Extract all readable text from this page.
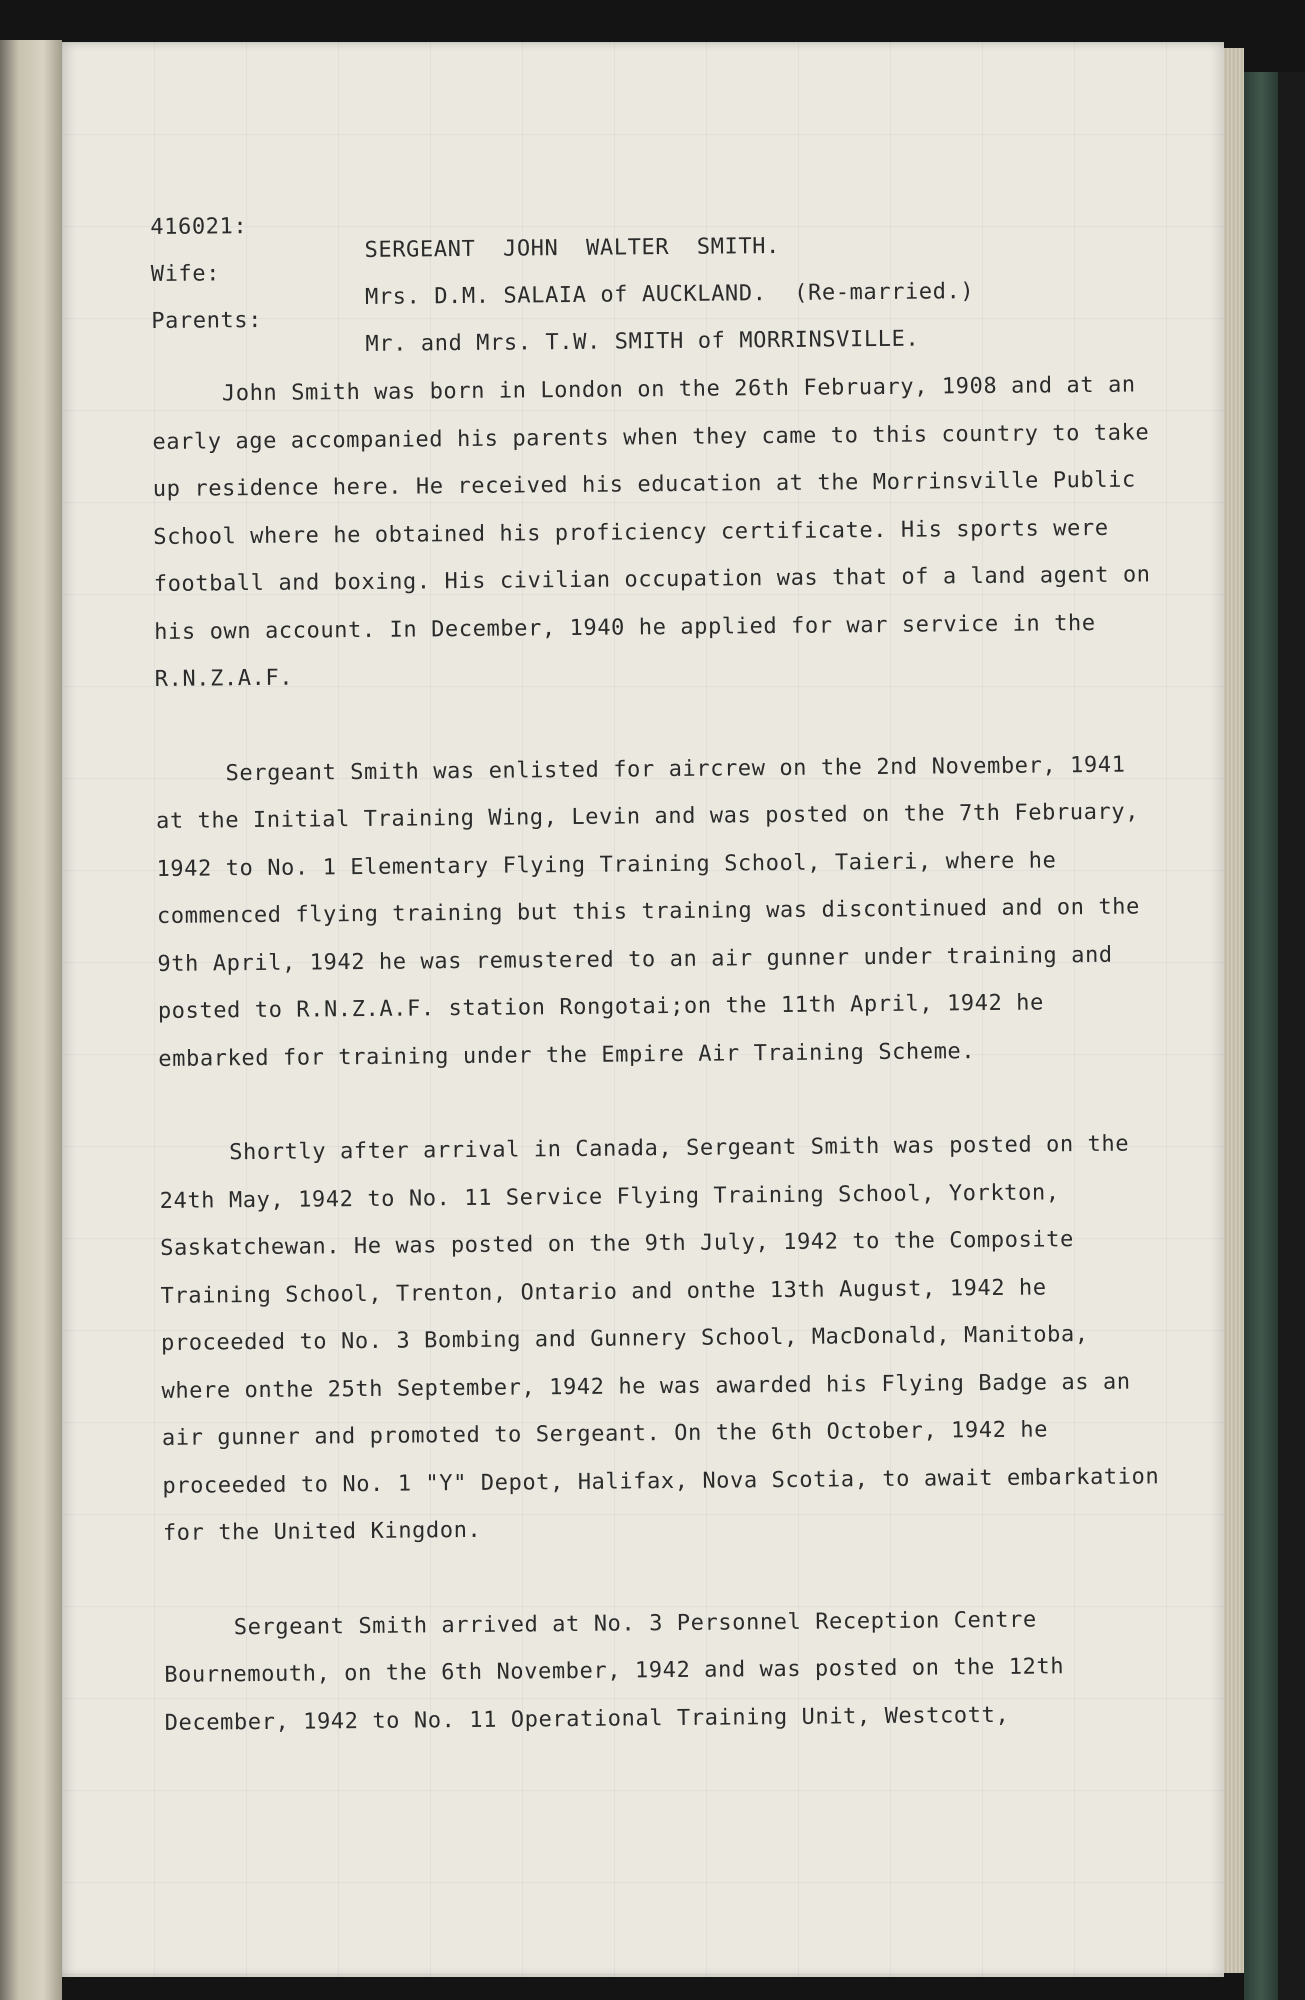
416021:

SERGEANT  JOHN  WALTER  SMITH.

Wife:

Mrs. D.M. SALAIA of AUCKLAND.  (Re-married.)

Parents:

Mr. and Mrs. T.W. SMITH of MORRINSVILLE.

John Smith was born in London on the 26th February, 1908 and at an early age accompanied his parents when they came to this country to take up residence here. He received his education at the Morrinsville Public School where he obtained his proficiency certificate. His sports were football and boxing. His civilian occupation was that of a land agent on his own account. In December, 1940 he applied for war service in the R.N.Z.A.F.

Sergeant Smith was enlisted for aircrew on the 2nd November, 1941 at the Initial Training Wing, Levin and was posted on the 7th February, 1942 to No. 1 Elementary Flying Training School, Taieri, where he commenced flying training but this training was discontinued and on the 9th April, 1942 he was remustered to an air gunner under training and posted to R.N.Z.A.F. station Rongotai;on the 11th April, 1942 he embarked for training under the Empire Air Training Scheme.

Shortly after arrival in Canada, Sergeant Smith was posted on the 24th May, 1942 to No. 11 Service Flying Training School, Yorkton, Saskatchewan. He was posted on the 9th July, 1942 to the Composite Training School, Trenton, Ontario and onthe 13th August, 1942 he proceeded to No. 3 Bombing and Gunnery School, MacDonald, Manitoba, where onthe 25th September, 1942 he was awarded his Flying Badge as an air gunner and promoted to Sergeant. On the 6th October, 1942 he proceeded to No. 1 "Y" Depot, Halifax, Nova Scotia, to await embarkation for the United Kingdon.

Sergeant Smith arrived at No. 3 Personnel Reception Centre Bournemouth, on the 6th November, 1942 and was posted on the 12th December, 1942 to No. 11 Operational Training Unit, Westcott,
